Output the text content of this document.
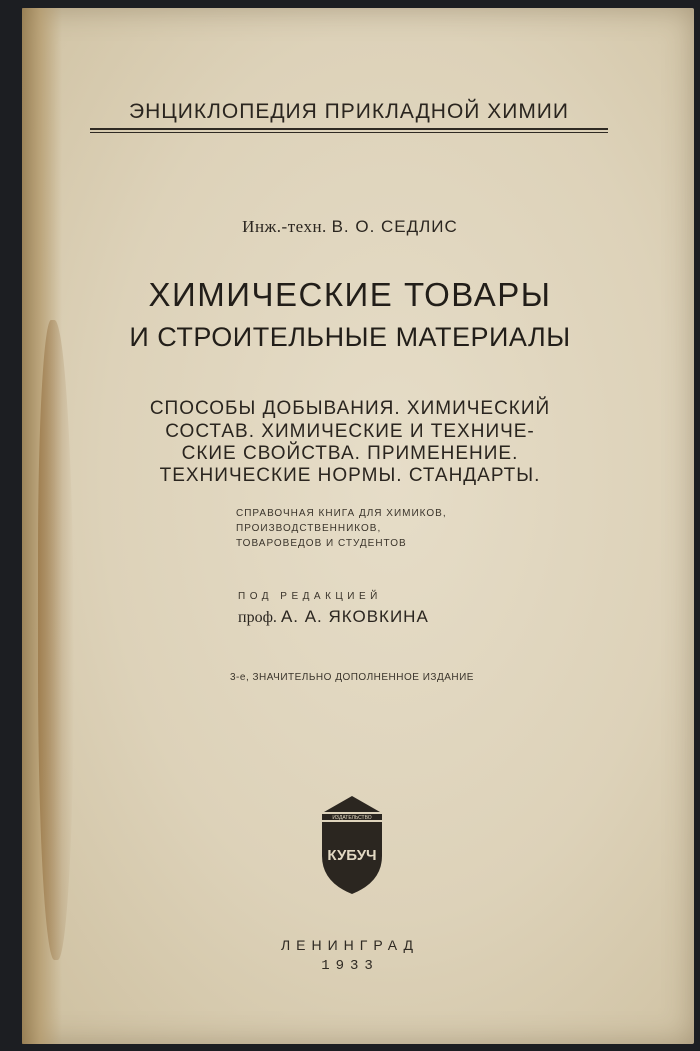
ЭНЦИКЛОПЕДИЯ ПРИКЛАДНОЙ ХИМИИ
Инж.-техн. В. О. СЕДЛИС
ХИМИЧЕСКИЕ ТОВАРЫ
И СТРОИТЕЛЬНЫЕ МАТЕРИАЛЫ
СПОСОБЫ ДОБЫВАНИЯ. ХИМИЧЕСКИЙ
СОСТАВ. ХИМИЧЕСКИЕ И ТЕХНИЧЕ-
СКИЕ СВОЙСТВА. ПРИМЕНЕНИЕ.
ТЕХНИЧЕСКИЕ НОРМЫ. СТАНДАРТЫ.
СПРАВОЧНАЯ КНИГА ДЛЯ ХИМИКОВ,
ПРОИЗВОДСТВЕННИКОВ,
ТОВАРОВЕДОВ И СТУДЕНТОВ
ПОД РЕДАКЦИЕЙ
проф. А. А. ЯКОВКИНА
3-е, ЗНАЧИТЕЛЬНО ДОПОЛНЕННОЕ ИЗДАНИЕ
ИЗДАТЕЛЬСТВО
КУБУЧ
ЛЕНИНГРАД
1933
